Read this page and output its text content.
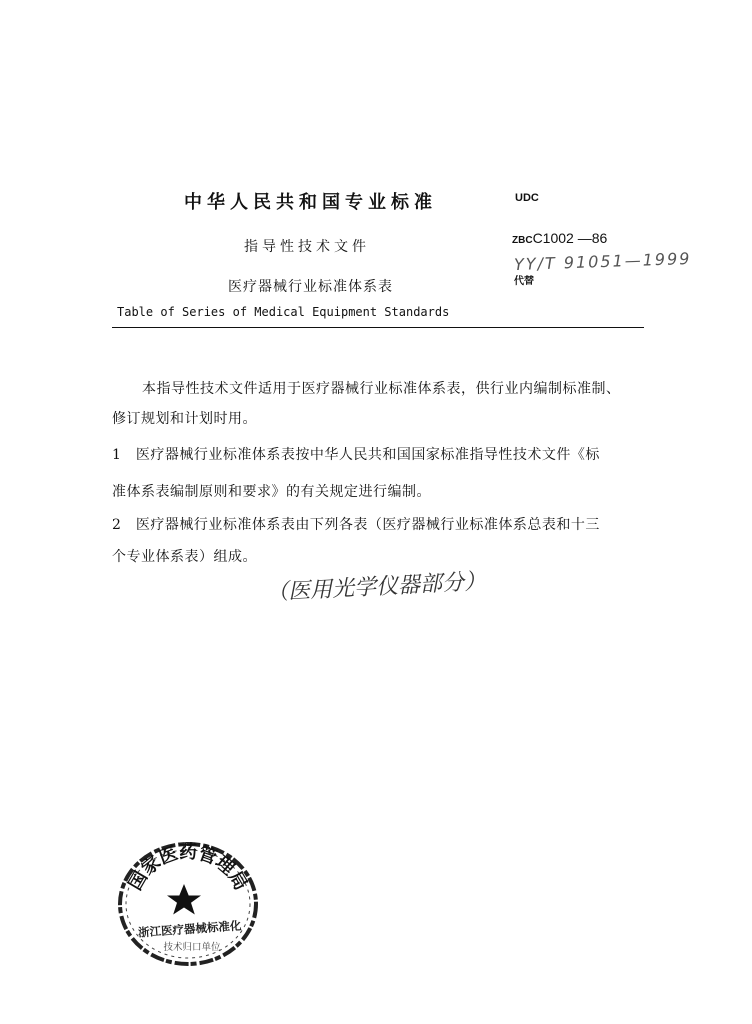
中华人民共和国专业标准	UDC
指导性技术文件	ZBCC1002 —86
YY/T 91051—1999
代替
医疗器械行业标准体系表
Table of Series of Medical Equipment Standards
本指导性技术文件适用于医疗器械行业标准体系表，供行业内编制标准制、
修订规划和计划时用。
1　医疗器械行业标准体系表按中华人民共和国国家标准指导性技术文件《标
准体系表编制原则和要求》的有关规定进行编制。
2　医疗器械行业标准体系表由下列各表（医疗器械行业标准体系总表和十三
个专业体系表）组成。
（医用光学仪器部分）
国家医药管理局
浙江医疗器械标准化
技术归口单位
